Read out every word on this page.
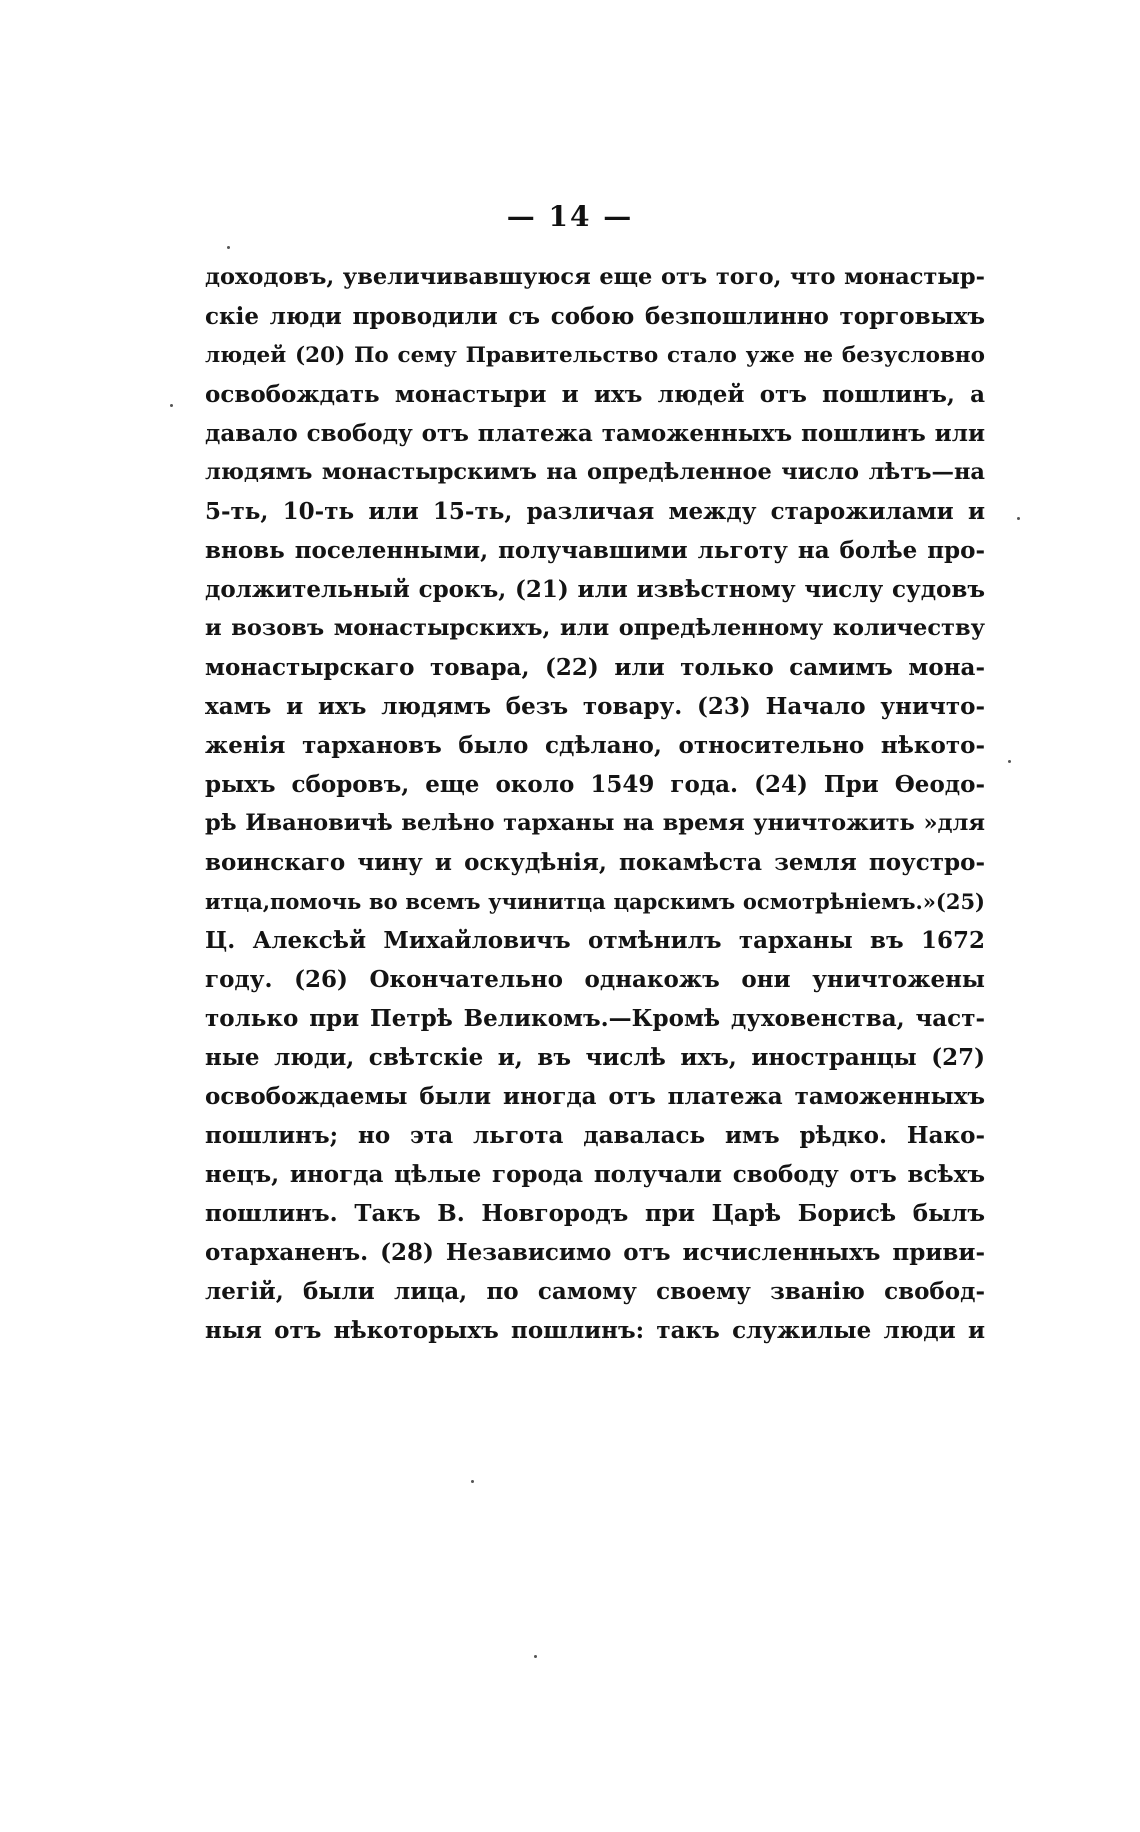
— 14 —
доходовъ, увеличивавшуюся еще отъ того, что монастыр-
скіе люди проводили съ собою безпошлинно торговыхъ
людей (20) По сему Правительство стало уже не безусловно
освобождать монастыри и ихъ людей отъ пошлинъ, а
давало свободу отъ платежа таможенныхъ пошлинъ или
людямъ монастырскимъ на опредѣленное число лѣтъ—на
5-ть, 10-ть или 15-ть, различая между старожилами и
вновь поселенными, получавшими льготу на болѣе про-
должительный срокъ, (21) или извѣстному числу судовъ
и возовъ монастырскихъ, или опредѣленному количеству
монастырскаго товара, (22) или только самимъ мона-
хамъ и ихъ людямъ безъ товару. (23) Начало уничто-
женія тархановъ было сдѣлано, относительно нѣкото-
рыхъ сборовъ, еще около 1549 года. (24) При Ѳеодо-
рѣ Ивановичѣ велѣно тарханы на время уничтожить »для
воинскаго чину и оскудѣнія, покамѣста земля поустро-
итца,помочь во всемъ учинитца царскимъ осмотрѣніемъ.»(25)
Ц. Алексѣй Михайловичъ отмѣнилъ тарханы въ 1672
году. (26) Окончательно однакожъ они уничтожены
только при Петрѣ Великомъ.—Кромѣ духовенства, част-
ные люди, свѣтскіе и, въ числѣ ихъ, иностранцы (27)
освобождаемы были иногда отъ платежа таможенныхъ
пошлинъ; но эта льгота давалась имъ рѣдко. Нако-
нецъ, иногда цѣлые города получали свободу отъ всѣхъ
пошлинъ. Такъ В. Новгородъ при Царѣ Борисѣ былъ
отарханенъ. (28) Независимо отъ исчисленныхъ приви-
легій, были лица, по самому своему званію свобод-
ныя отъ нѣкоторыхъ пошлинъ: такъ служилые люди и
